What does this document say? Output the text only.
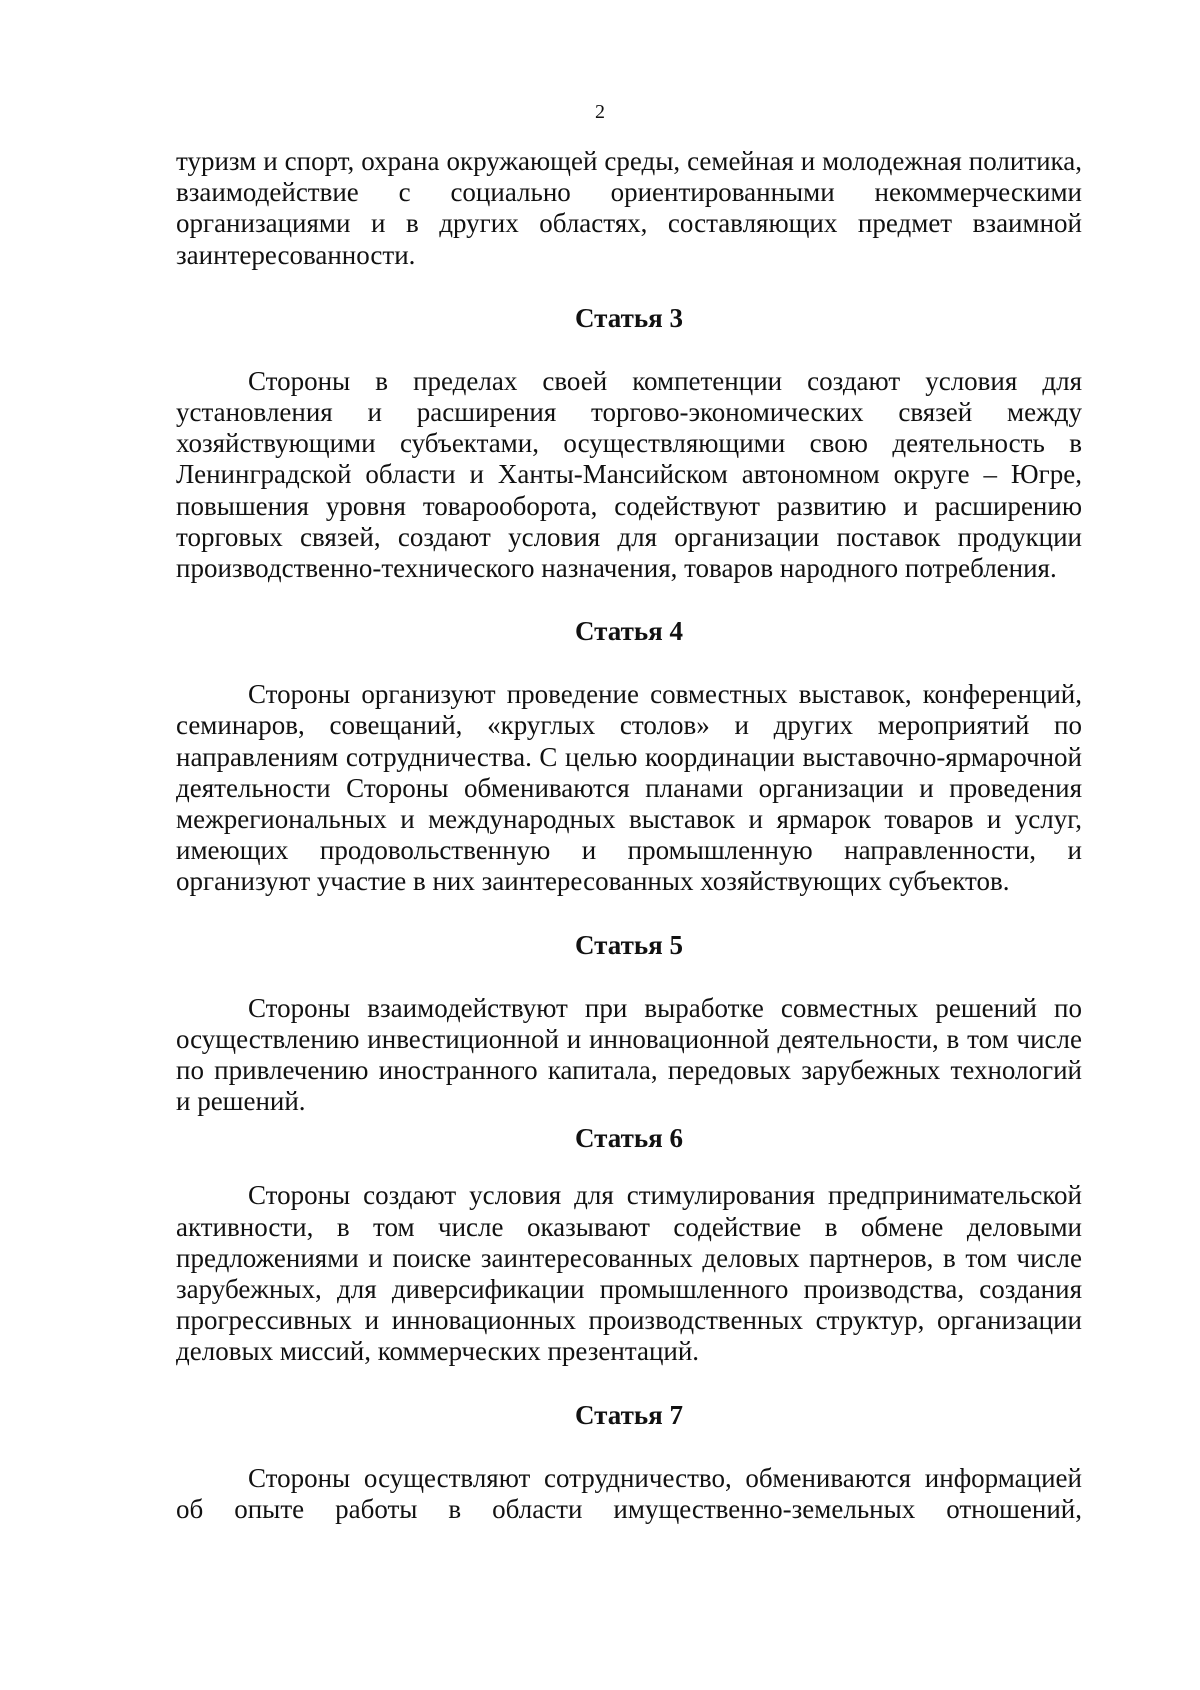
2

туризм и спорт, охрана окружающей среды, семейная и молодежная политика, взаимодействие с социально ориентированными некоммерческими организациями и в других областях, составляющих предмет взаимной заинтересованности.

Статья 3

Стороны в пределах своей компетенции создают условия для установления и расширения торгово-экономических связей между хозяйствующими субъектами, осуществляющими свою деятельность в Ленинградской области и Ханты-Мансийском автономном округе – Югре, повышения уровня товарооборота, содействуют развитию и расширению торговых связей, создают условия для организации поставок продукции производственно-технического назначения, товаров народного потребления.

Статья 4

Стороны организуют проведение совместных выставок, конференций, семинаров, совещаний, «круглых столов» и других мероприятий по направлениям сотрудничества. С целью координации выставочно-ярмарочной деятельности Стороны обмениваются планами организации и проведения межрегиональных и международных выставок и ярмарок товаров и услуг, имеющих продовольственную и промышленную направленности, и организуют участие в них заинтересованных хозяйствующих субъектов.

Статья 5

Стороны взаимодействуют при выработке совместных решений по осуществлению инвестиционной и инновационной деятельности, в том числе по привлечению иностранного капитала, передовых зарубежных технологий и решений.

Статья 6

Стороны создают условия для стимулирования предпринимательской активности, в том числе оказывают содействие в обмене деловыми предложениями и поиске заинтересованных деловых партнеров, в том числе зарубежных, для диверсификации промышленного производства, создания прогрессивных и инновационных производственных структур, организации деловых миссий, коммерческих презентаций.

Статья 7

Стороны осуществляют сотрудничество, обмениваются информацией об опыте работы в области имущественно-земельных отношений,
